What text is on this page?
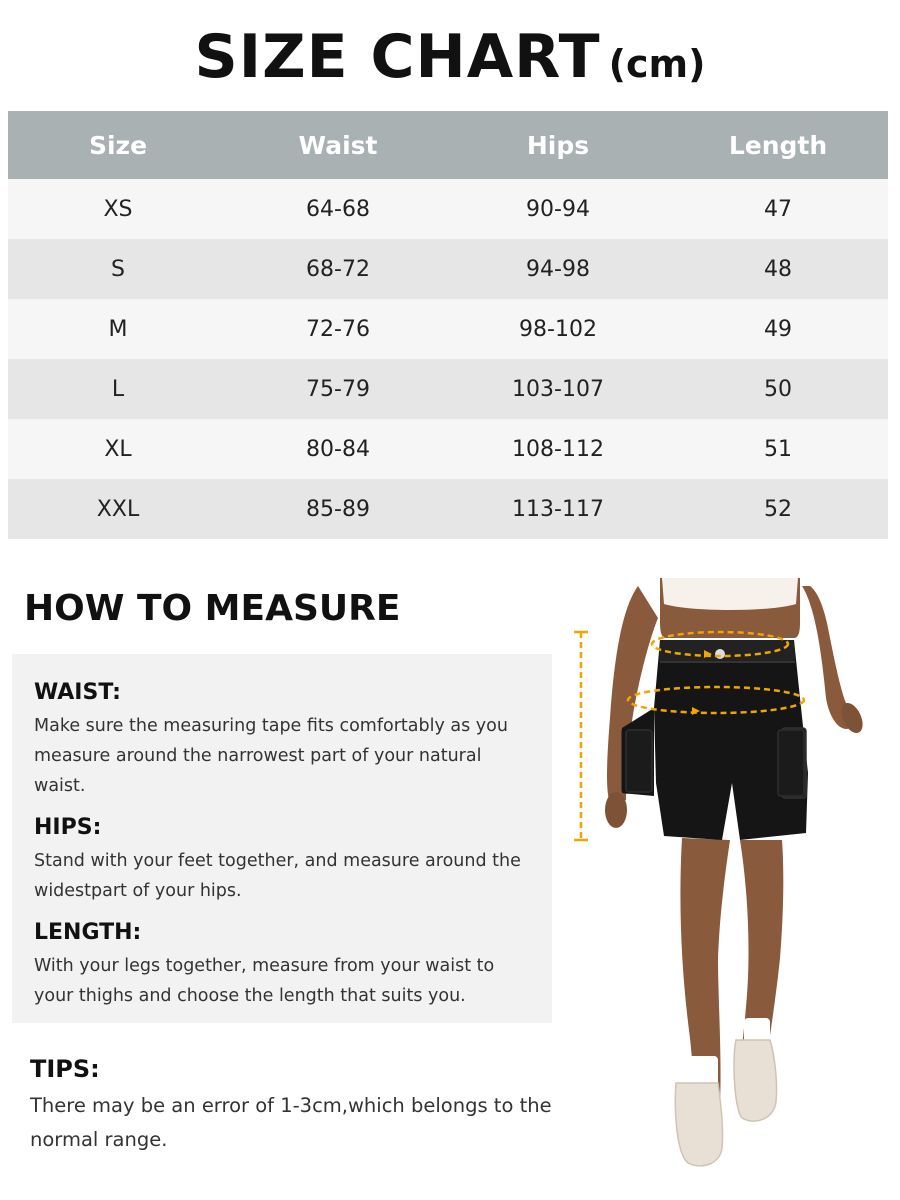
SIZE CHART (cm)
Size	Waist	Hips	Length
XS	64-68	90-94	47
S	68-72	94-98	48
M	72-76	98-102	49
L	75-79	103-107	50
XL	80-84	108-112	51
XXL	85-89	113-117	52
HOW TO MEASURE
WAIST:
Make sure the measuring tape fits comfortably as you measure around the narrowest part of your natural waist.
HIPS:
Stand with your feet together, and measure around the widestpart of your hips.
LENGTH:
With your legs together, measure from your waist to your thighs and choose the length that suits you.
TIPS:
There may be an error of 1-3cm,which belongs to the normal range.
